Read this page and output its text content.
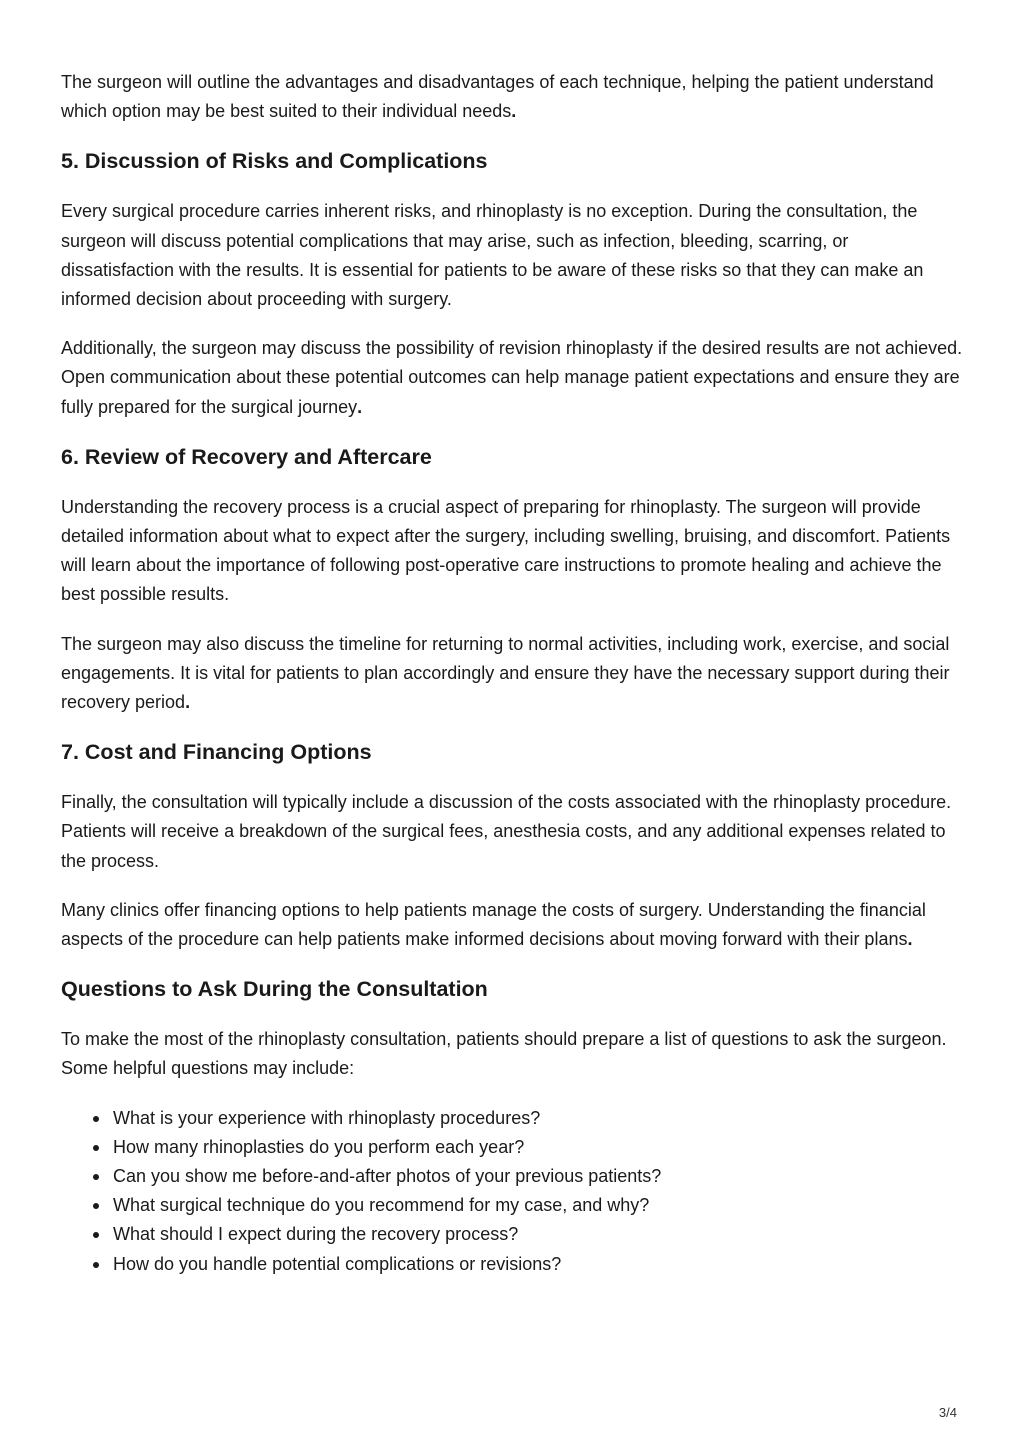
The surgeon will outline the advantages and disadvantages of each technique, helping the patient understand which option may be best suited to their individual needs.

5. Discussion of Risks and Complications

Every surgical procedure carries inherent risks, and rhinoplasty is no exception. During the consultation, the surgeon will discuss potential complications that may arise, such as infection, bleeding, scarring, or dissatisfaction with the results. It is essential for patients to be aware of these risks so that they can make an informed decision about proceeding with surgery.

Additionally, the surgeon may discuss the possibility of revision rhinoplasty if the desired results are not achieved. Open communication about these potential outcomes can help manage patient expectations and ensure they are fully prepared for the surgical journey.

6. Review of Recovery and Aftercare

Understanding the recovery process is a crucial aspect of preparing for rhinoplasty. The surgeon will provide detailed information about what to expect after the surgery, including swelling, bruising, and discomfort. Patients will learn about the importance of following post-operative care instructions to promote healing and achieve the best possible results.

The surgeon may also discuss the timeline for returning to normal activities, including work, exercise, and social engagements. It is vital for patients to plan accordingly and ensure they have the necessary support during their recovery period.

7. Cost and Financing Options

Finally, the consultation will typically include a discussion of the costs associated with the rhinoplasty procedure. Patients will receive a breakdown of the surgical fees, anesthesia costs, and any additional expenses related to the process.

Many clinics offer financing options to help patients manage the costs of surgery. Understanding the financial aspects of the procedure can help patients make informed decisions about moving forward with their plans.

Questions to Ask During the Consultation

To make the most of the rhinoplasty consultation, patients should prepare a list of questions to ask the surgeon. Some helpful questions may include:

What is your experience with rhinoplasty procedures?
How many rhinoplasties do you perform each year?
Can you show me before-and-after photos of your previous patients?
What surgical technique do you recommend for my case, and why?
What should I expect during the recovery process?
How do you handle potential complications or revisions?
3/4
